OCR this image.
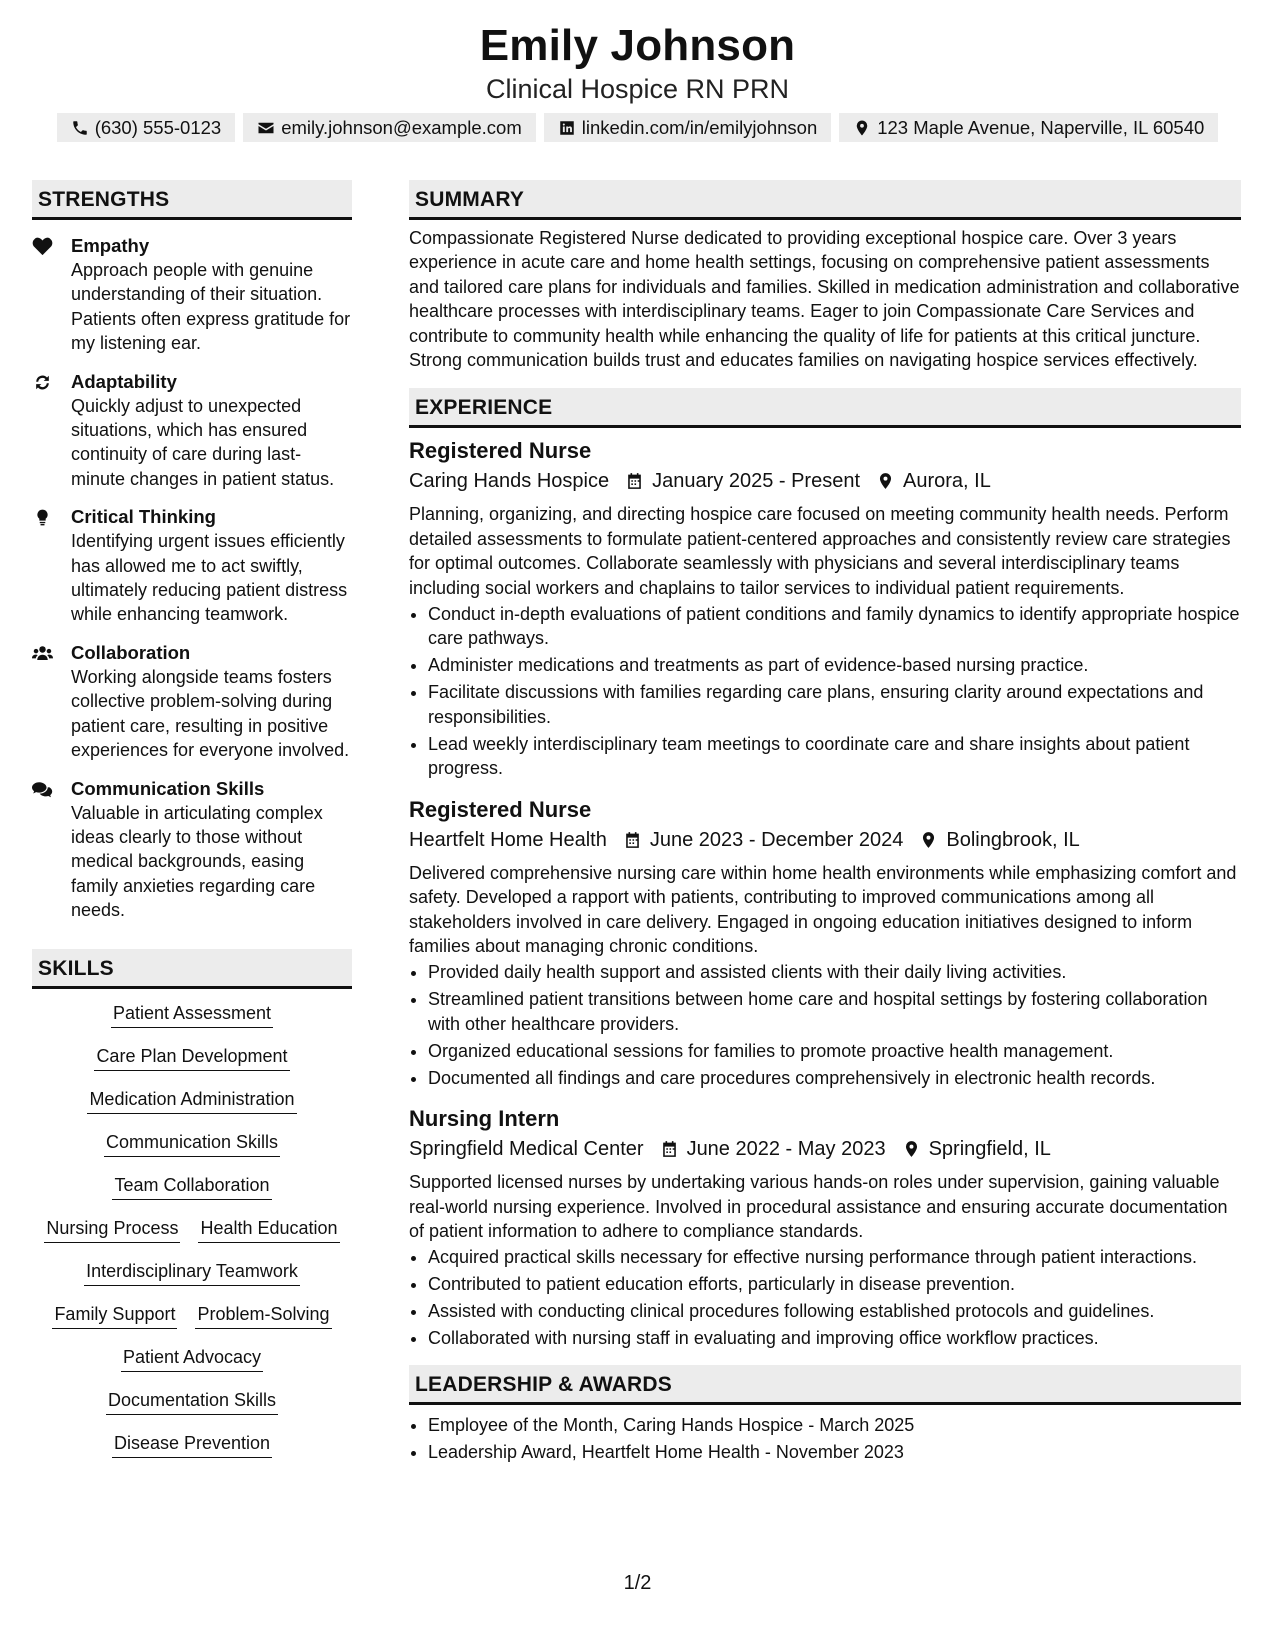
Emily Johnson
Clinical Hospice RN PRN
(630) 555-0123	emily.johnson@example.com	linkedin.com/in/emilyjohnson	123 Maple Avenue, Naperville, IL 60540
STRENGTHS
Empathy
Approach people with genuine understanding of their situation. Patients often express gratitude for my listening ear.
Adaptability
Quickly adjust to unexpected situations, which has ensured continuity of care during last-minute changes in patient status.
Critical Thinking
Identifying urgent issues efficiently has allowed me to act swiftly, ultimately reducing patient distress while enhancing teamwork.
Collaboration
Working alongside teams fosters collective problem-solving during patient care, resulting in positive experiences for everyone involved.
Communication Skills
Valuable in articulating complex ideas clearly to those without medical backgrounds, easing family anxieties regarding care needs.
SKILLS
Patient Assessment
Care Plan Development
Medication Administration
Communication Skills
Team Collaboration
Nursing Process Health Education
Interdisciplinary Teamwork
Family Support Problem-Solving
Patient Advocacy
Documentation Skills
Disease Prevention
SUMMARY
Compassionate Registered Nurse dedicated to providing exceptional hospice care. Over 3 years experience in acute care and home health settings, focusing on comprehensive patient assessments and tailored care plans for individuals and families. Skilled in medication administration and collaborative healthcare processes with interdisciplinary teams. Eager to join Compassionate Care Services and contribute to community health while enhancing the quality of life for patients at this critical juncture. Strong communication builds trust and educates families on navigating hospice services effectively.
EXPERIENCE
Registered Nurse
Caring Hands Hospice January 2025 - Present Aurora, IL
Planning, organizing, and directing hospice care focused on meeting community health needs. Perform detailed assessments to formulate patient-centered approaches and consistently review care strategies for optimal outcomes. Collaborate seamlessly with physicians and several interdisciplinary teams including social workers and chaplains to tailor services to individual patient requirements.
• Conduct in-depth evaluations of patient conditions and family dynamics to identify appropriate hospice care pathways.
• Administer medications and treatments as part of evidence-based nursing practice.
• Facilitate discussions with families regarding care plans, ensuring clarity around expectations and responsibilities.
• Lead weekly interdisciplinary team meetings to coordinate care and share insights about patient progress.
Registered Nurse
Heartfelt Home Health June 2023 - December 2024 Bolingbrook, IL
Delivered comprehensive nursing care within home health environments while emphasizing comfort and safety. Developed a rapport with patients, contributing to improved communications among all stakeholders involved in care delivery. Engaged in ongoing education initiatives designed to inform families about managing chronic conditions.
• Provided daily health support and assisted clients with their daily living activities.
• Streamlined patient transitions between home care and hospital settings by fostering collaboration with other healthcare providers.
• Organized educational sessions for families to promote proactive health management.
• Documented all findings and care procedures comprehensively in electronic health records.
Nursing Intern
Springfield Medical Center June 2022 - May 2023 Springfield, IL
Supported licensed nurses by undertaking various hands-on roles under supervision, gaining valuable real-world nursing experience. Involved in procedural assistance and ensuring accurate documentation of patient information to adhere to compliance standards.
• Acquired practical skills necessary for effective nursing performance through patient interactions.
• Contributed to patient education efforts, particularly in disease prevention.
• Assisted with conducting clinical procedures following established protocols and guidelines.
• Collaborated with nursing staff in evaluating and improving office workflow practices.
LEADERSHIP & AWARDS
• Employee of the Month, Caring Hands Hospice - March 2025
• Leadership Award, Heartfelt Home Health - November 2023
1/2
